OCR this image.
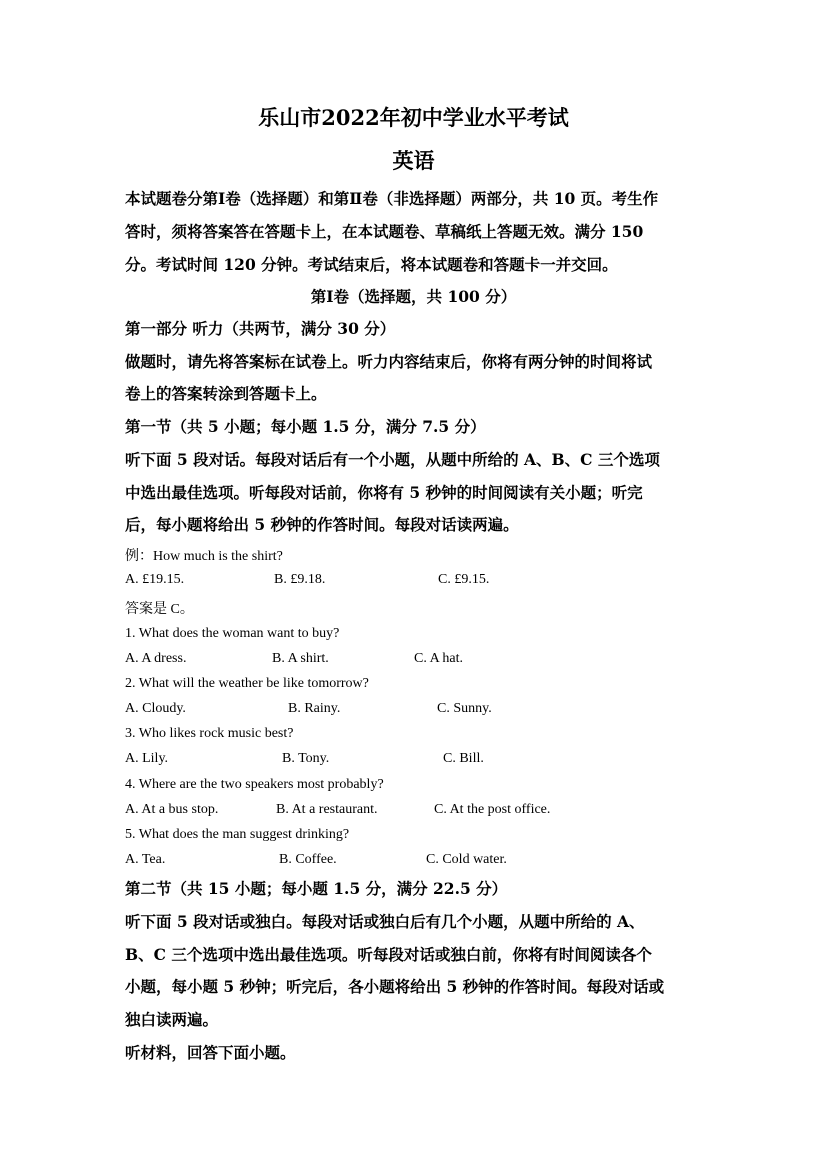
乐山市2022年初中学业水平考试
英语
本试题卷分第Ⅰ卷（选择题）和第Ⅱ卷（非选择题）两部分，共 10 页。考生作
答时，须将答案答在答题卡上，在本试题卷、草稿纸上答题无效。满分 150
分。考试时间 120 分钟。考试结束后，将本试题卷和答题卡一并交回。
第Ⅰ卷（选择题，共 100 分）
第一部分 听力（共两节，满分 30 分）
做题时，请先将答案标在试卷上。听力内容结束后，你将有两分钟的时间将试
卷上的答案转涂到答题卡上。
第一节（共 5 小题；每小题 1.5 分，满分 7.5 分）
听下面 5 段对话。每段对话后有一个小题，从题中所给的 A、B、C 三个选项
中选出最佳选项。听每段对话前，你将有 5 秒钟的时间阅读有关小题；听完
后，每小题将给出 5 秒钟的作答时间。每段对话读两遍。
例：How much is the shirt?
A. £19.15.	B. £9.18.	C. £9.15.
答案是 C。
1. What does the woman want to buy?
A. A dress.	B. A shirt.	C. A hat.
2. What will the weather be like tomorrow?
A. Cloudy.	B. Rainy.	C. Sunny.
3. Who likes rock music best?
A. Lily.	B. Tony.	C. Bill.
4. Where are the two speakers most probably?
A. At a bus stop.	B. At a restaurant.	C. At the post office.
5. What does the man suggest drinking?
A. Tea.	B. Coffee.	C. Cold water.
第二节（共 15 小题；每小题 1.5 分，满分 22.5 分）
听下面 5 段对话或独白。每段对话或独白后有几个小题，从题中所给的 A、
B、C 三个选项中选出最佳选项。听每段对话或独白前，你将有时间阅读各个
小题，每小题 5 秒钟；听完后，各小题将给出 5 秒钟的作答时间。每段对话或
独白读两遍。
听材料，回答下面小题。
